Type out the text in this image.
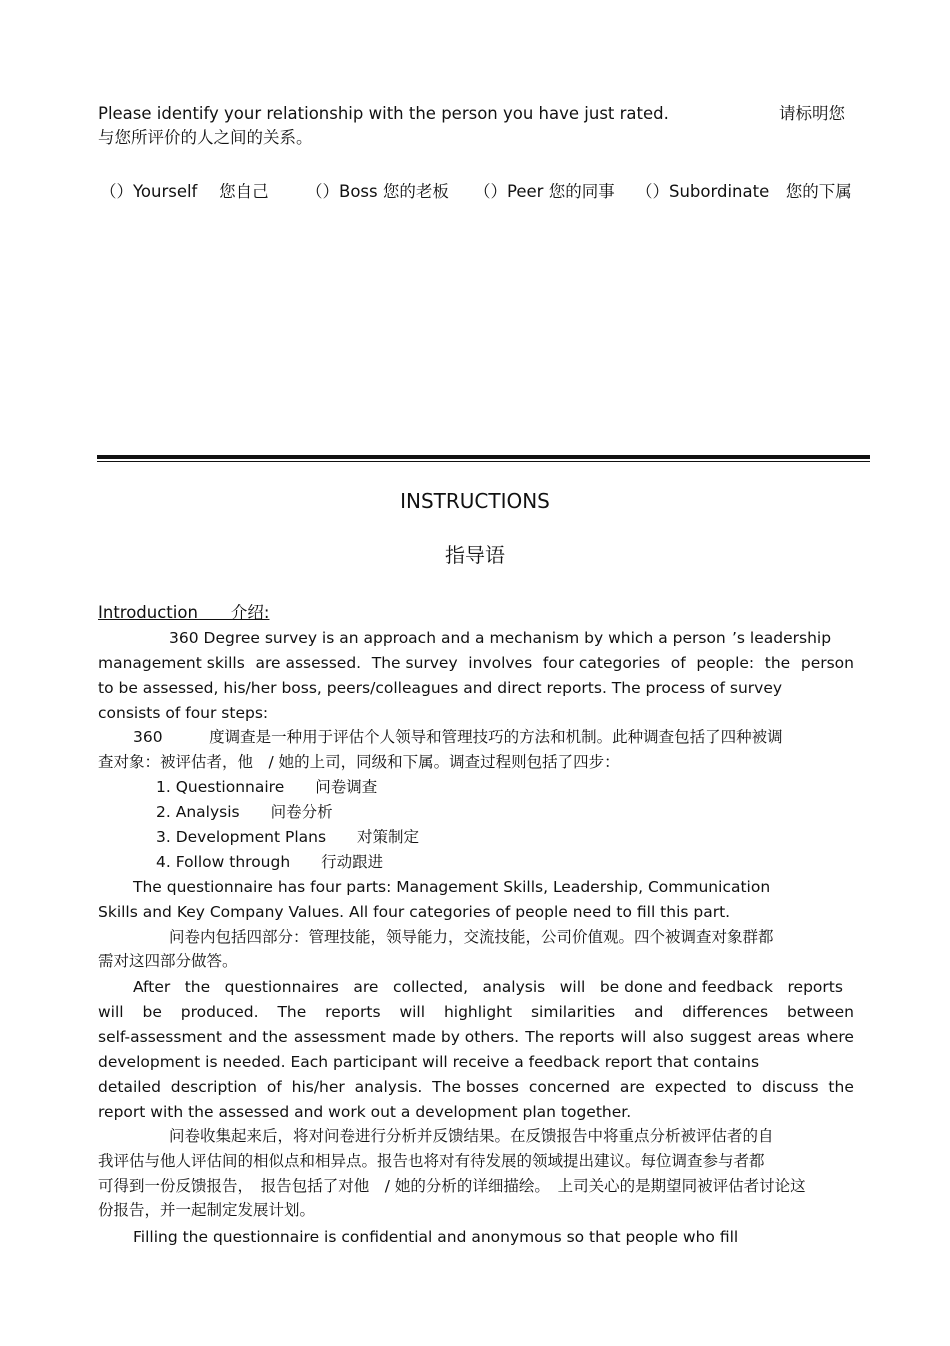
Please identify your relationship with the person you have just rated.	请标明您
与您所评价的人之间的关系。
（）Yourself　 您自己 （）Boss 您的老板 （）Peer 您的同事 （）Subordinate　您的下属
INSTRUCTIONS
指导语
Introduction　　介绍:
360 Degree survey is an approach and a mechanism by which a person ’s leadership
management skills are assessed. The survey involves four categories of people: the person
to be assessed, his/her boss, peers/colleagues and direct reports. The process of survey
consists of four steps:
360　　　度调查是一种用于评估个人领导和管理技巧的方法和机制。此种调查包括了四种被调
查对象：被评估者，他　/ 她的上司，同级和下属。调查过程则包括了四步：
1. Questionnaire　　问卷调查
2. Analysis　　问卷分析
3. Development Plans　　对策制定
4. Follow through　　行动跟进
The questionnaire has four parts: Management Skills, Leadership, Communication
Skills and Key Company Values. All four categories of people need to fill this part.
问卷内包括四部分：管理技能，领导能力，交流技能，公司价值观。四个被调查对象群都
需对这四部分做答。
After the questionnaires are collected, analysis will be done and feedback reports
will be produced. The reports will highlight similarities and differences between
self-assessment and the assessment made by others. The reports will also suggest areas where
development is needed. Each participant will receive a feedback report that contains
detailed description of his/her analysis. The bosses concerned are expected to discuss the
report with the assessed and work out a development plan together.
问卷收集起来后，将对问卷进行分析并反馈结果。在反馈报告中将重点分析被评估者的自
我评估与他人评估间的相似点和相异点。报告也将对有待发展的领域提出建议。每位调查参与者都
可得到一份反馈报告，　报告包括了对他　/ 她的分析的详细描绘。　上司关心的是期望同被评估者讨论这
份报告，并一起制定发展计划。
Filling the questionnaire is confidential and anonymous so that people who fill
